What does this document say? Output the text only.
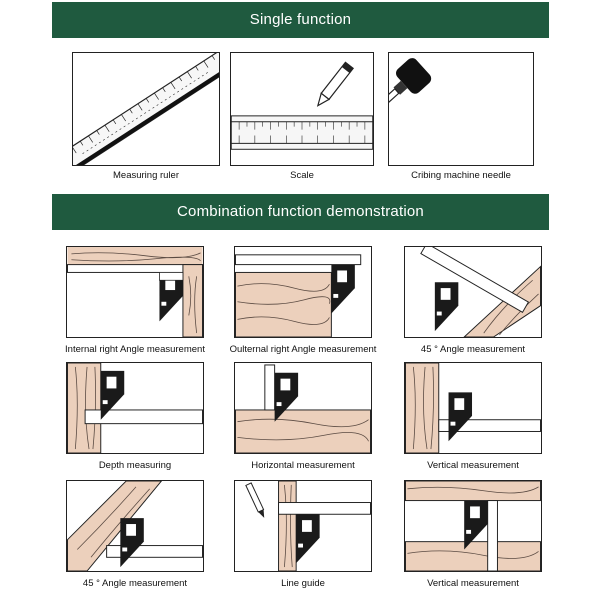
Single function
Measuring ruler	Scale	Cribing machine needle
Combination function demonstration
Internal right Angle measurement	Oulternal right Angle measurement	45 ° Angle measurement
Depth measuring	Horizontal measurement	Vertical measurement
45 ° Angle measurement	Line guide	Vertical measurement
